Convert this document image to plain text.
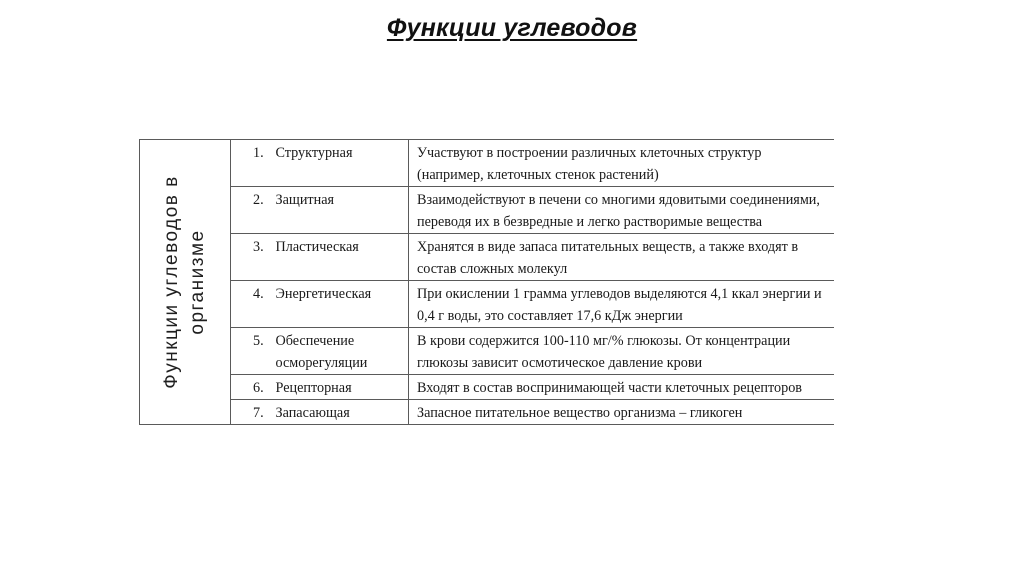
Функции углеводов
Функции углеводов в организме	1.	Структурная	Участвуют в построении различных клеточных структур (например, клеточных стенок растений)

	2.	Защитная	Взаимодействуют в печени со многими ядовитыми соединениями, переводя их в безвредные и легко растворимые вещества

	3.	Пластическая	Хранятся в виде запаса питательных веществ, а также входят в состав сложных молекул

	4.	Энергетическая	При окислении 1 грамма углеводов выделяются 4,1 ккал энергии и 0,4 г воды, это составляет 17,6 кДж энергии

	5.	Обеспечение осморегуляции	В крови содержится 100-110 мг/% глюкозы. От концентрации глюкозы зависит осмотическое давление крови

	6.	Рецепторная	Входят в состав воспринимающей части клеточных рецепторов

	7.	Запасающая	Запасное питательное вещество организма – гликоген
